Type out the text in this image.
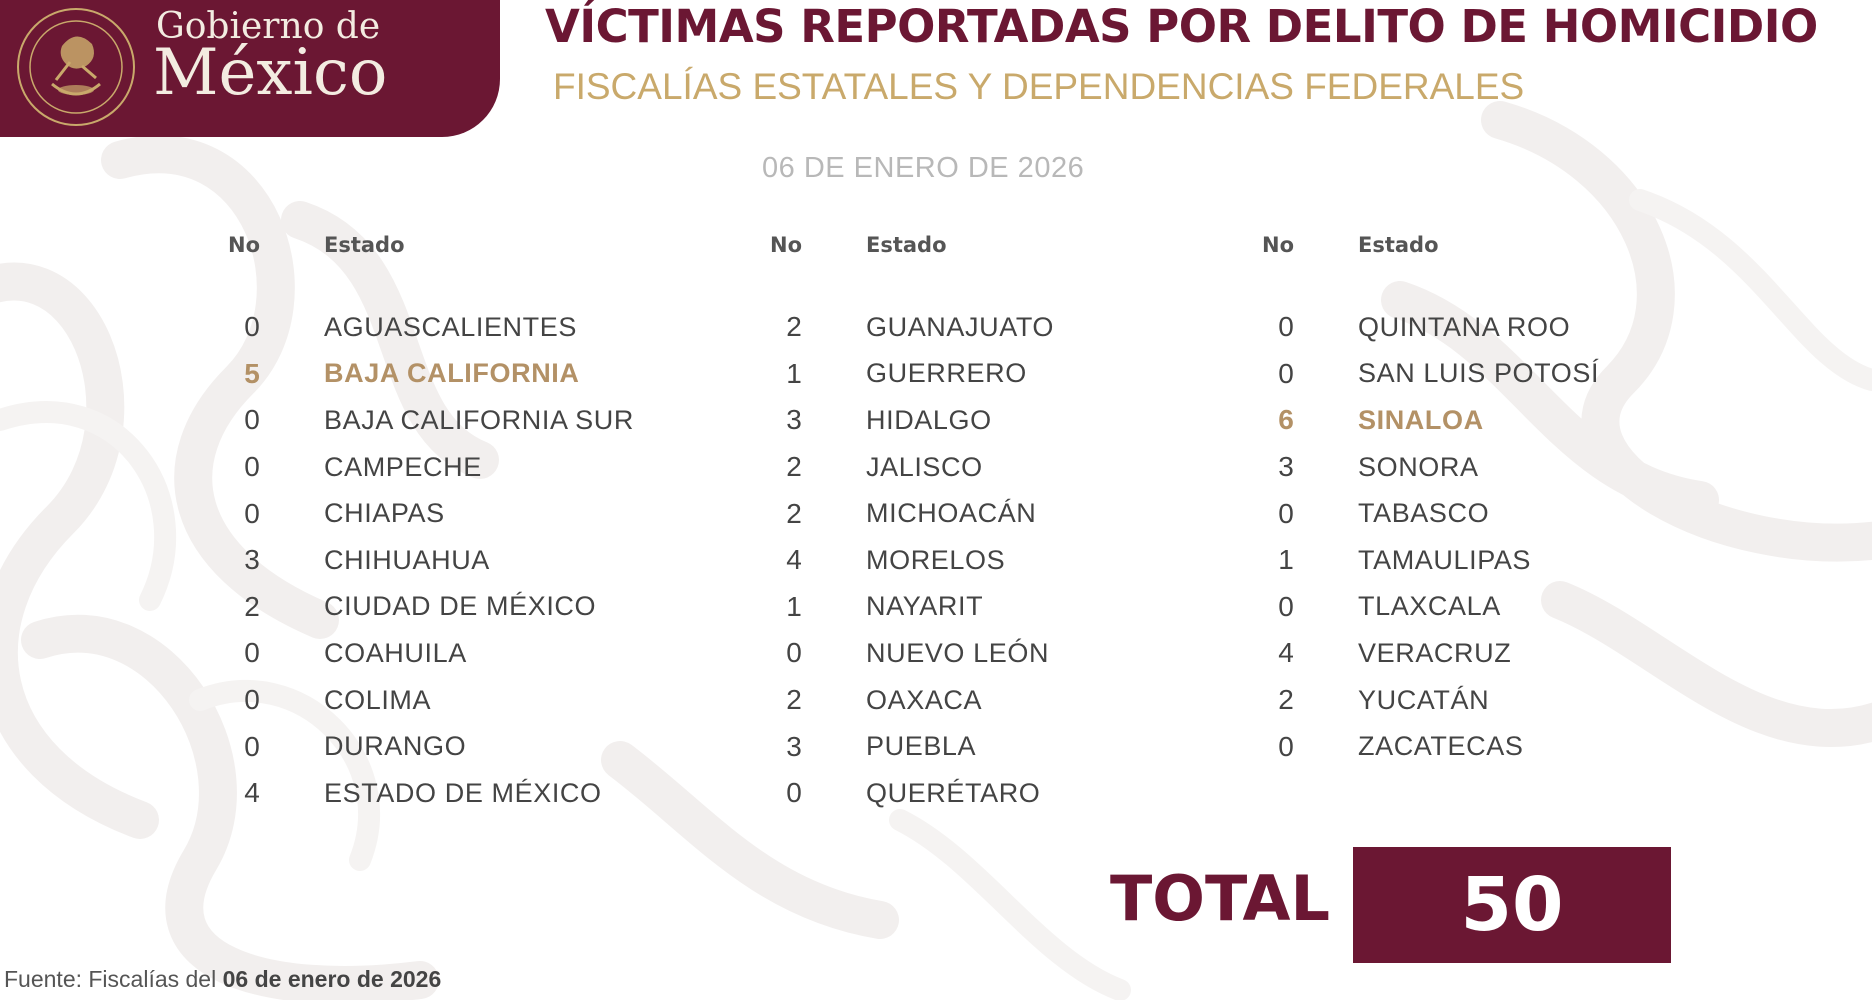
Gobierno de
México
VÍCTIMAS REPORTADAS POR DELITO DE HOMICIDIO
FISCALÍAS ESTATALES Y DEPENDENCIAS FEDERALES
06 DE ENERO DE 2026
No	Estado
0	AGUASCALIENTES
5	BAJA CALIFORNIA
0	BAJA CALIFORNIA SUR
0	CAMPECHE
0	CHIAPAS
3	CHIHUAHUA
2	CIUDAD DE MÉXICO
0	COAHUILA
0	COLIMA
0	DURANGO
4	ESTADO DE MÉXICO
No	Estado
2	GUANAJUATO
1	GUERRERO
3	HIDALGO
2	JALISCO
2	MICHOACÁN
4	MORELOS
1	NAYARIT
0	NUEVO LEÓN
2	OAXACA
3	PUEBLA
0	QUERÉTARO
No	Estado
0	QUINTANA ROO
0	SAN LUIS POTOSÍ
6	SINALOA
3	SONORA
0	TABASCO
1	TAMAULIPAS
0	TLAXCALA
4	VERACRUZ
2	YUCATÁN
0	ZACATECAS
TOTAL 50
Fuente: Fiscalías del 06 de enero de 2026
